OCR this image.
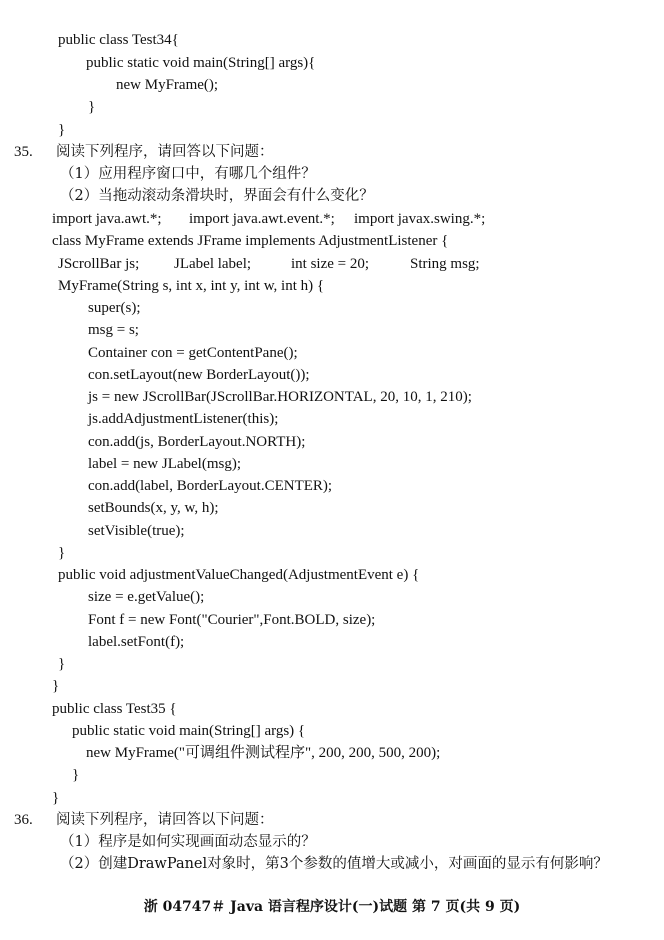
public class Test34{
public static void main(String[] args){
new MyFrame();
}
}
35. 阅读下列程序，请回答以下问题：
（1）应用程序窗口中，有哪几个组件？
（2）当拖动滚动条滑块时，界面会有什么变化？
import java.awt.*; import java.awt.event.*; import javax.swing.*;
class MyFrame extends JFrame implements AdjustmentListener {
JScrollBar js; JLabel label;	int size = 20;	String msg;
MyFrame(String s, int x, int y, int w, int h) {
super(s);
msg = s;
Container con = getContentPane();
con.setLayout(new BorderLayout());
js = new JScrollBar(JScrollBar.HORIZONTAL, 20, 10, 1, 210);
js.addAdjustmentListener(this);
con.add(js, BorderLayout.NORTH);
label = new JLabel(msg);
con.add(label, BorderLayout.CENTER);
setBounds(x, y, w, h);
setVisible(true);
}
public void adjustmentValueChanged(AdjustmentEvent e) {
size = e.getValue();
Font f = new Font("Courier",Font.BOLD, size);
label.setFont(f);
}
}
public class Test35 {
public static void main(String[] args) {
new MyFrame("可调组件测试程序", 200, 200, 500, 200);
}
}
36. 阅读下列程序，请回答以下问题：
（1）程序是如何实现画面动态显示的？
（2）创建DrawPanel对象时，第3个参数的值增大或减小，对画面的显示有何影响？
浙 04747＃ Java 语言程序设计(一)试题 第 7 页(共 9 页)
